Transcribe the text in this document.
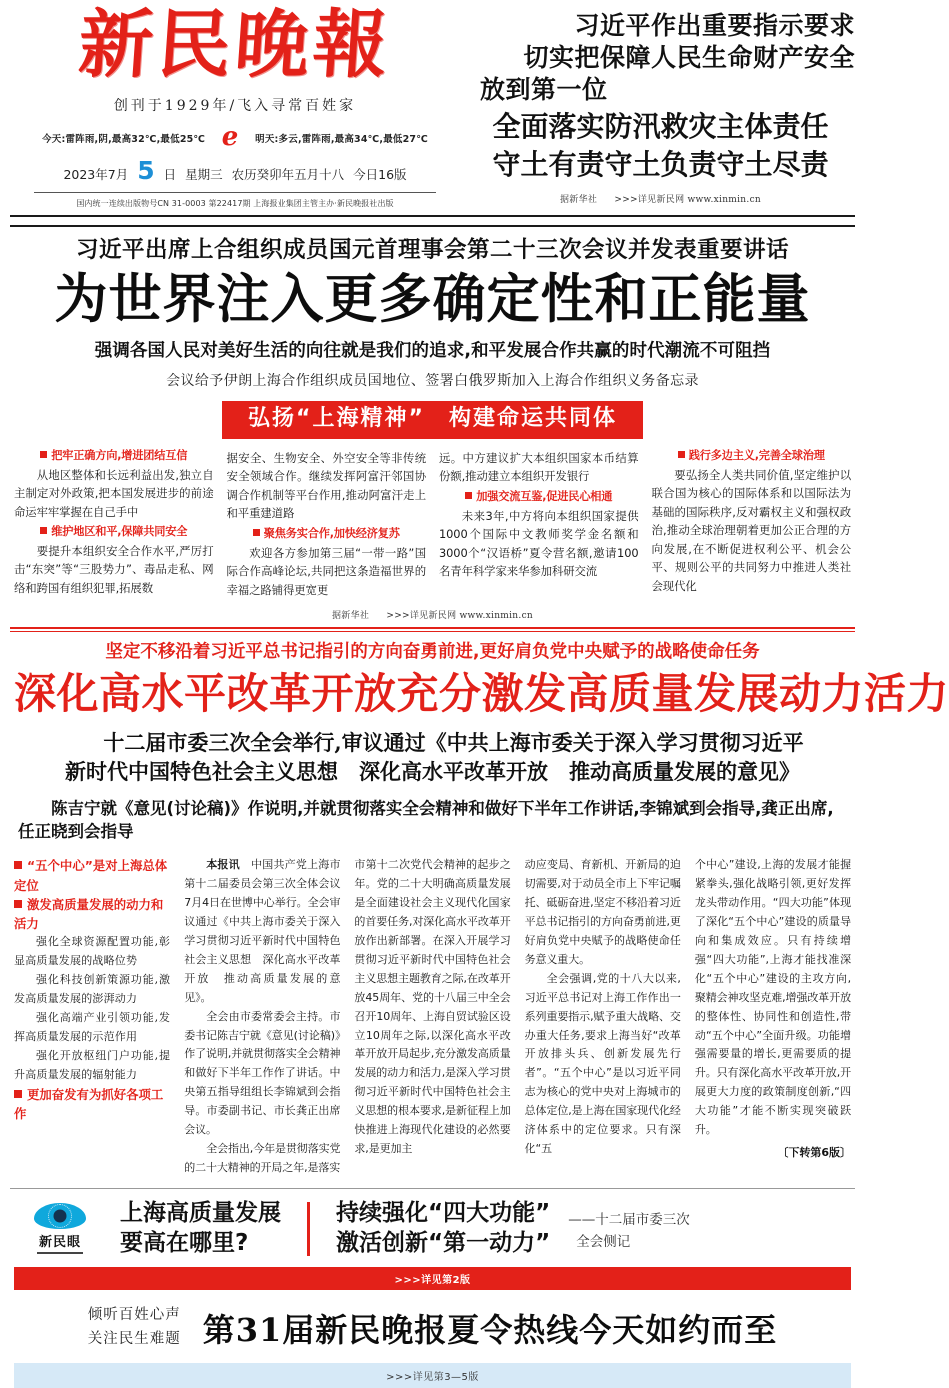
新民晚報
创刊于1929年/飞入寻常百姓家
今天:雷阵雨,阴,最高32℃,最低25℃ e	明天:多云,雷阵雨,最高34℃,最低27℃
2023年7月 5 日 星期三 农历癸卯年五月十八 今日16版
国内统一连续出版物号CN 31-0003 第22417期 上海报业集团主管主办·新民晚报社出版
习近平作出重要指示要求
切实把保障人民生命财产安全
放到第一位
全面落实防汛救灾主体责任
守土有责守土负责守土尽责
据新华社 >>>详见新民网 www.xinmin.cn
习近平出席上合组织成员国元首理事会第二十三次会议并发表重要讲话
为世界注入更多确定性和正能量
强调各国人民对美好生活的向往就是我们的追求,和平发展合作共赢的时代潮流不可阻挡
会议给予伊朗上海合作组织成员国地位、签署白俄罗斯加入上海合作组织义务备忘录
弘扬“上海精神”　构建命运共同体
把牢正确方向,增进团结互信
从地区整体和长远利益出发,独立自主制定对外政策,把本国发展进步的前途命运牢牢掌握在自己手中
维护地区和平,保障共同安全
要提升本组织安全合作水平,严厉打击“东突”等“三股势力”、毒品走私、网络和跨国有组织犯罪,拓展数
据安全、生物安全、外空安全等非传统安全领域合作。继续发挥阿富汗邻国协调合作机制等平台作用,推动阿富汗走上和平重建道路
聚焦务实合作,加快经济复苏
欢迎各方参加第三届“一带一路”国际合作高峰论坛,共同把这条造福世界的幸福之路铺得更宽更
远。中方建议扩大本组织国家本币结算份额,推动建立本组织开发银行
加强交流互鉴,促进民心相通
未来3年,中方将向本组织国家提供1000个国际中文教师奖学金名额和3000个“汉语桥”夏令营名额,邀请100名青年科学家来华参加科研交流
践行多边主义,完善全球治理
要弘扬全人类共同价值,坚定维护以联合国为核心的国际体系和以国际法为基础的国际秩序,反对霸权主义和强权政治,推动全球治理朝着更加公正合理的方向发展,在不断促进权利公平、机会公平、规则公平的共同努力中推进人类社会现代化
据新华社 >>>详见新民网 www.xinmin.cn
坚定不移沿着习近平总书记指引的方向奋勇前进,更好肩负党中央赋予的战略使命任务
深化高水平改革开放充分激发高质量发展动力活力
十二届市委三次全会举行,审议通过《中共上海市委关于深入学习贯彻习近平
新时代中国特色社会主义思想　深化高水平改革开放　推动高质量发展的意见》
陈吉宁就《意见(讨论稿)》作说明,并就贯彻落实全会精神和做好下半年工作讲话,李锦斌到会指导,龚正出席,任正晓到会指导
“五个中心”是对上海总体定位
激发高质量发展的动力和活力
强化全球资源配置功能,彰显高质量发展的战略位势
强化科技创新策源功能,激发高质量发展的澎湃动力
强化高端产业引领功能,发挥高质量发展的示范作用
强化开放枢纽门户功能,提升高质量发展的辐射能力
更加奋发有为抓好各项工作
本报讯　中国共产党上海市第十二届委员会第三次全体会议7月4日在世博中心举行。全会审议通过《中共上海市委关于深入学习贯彻习近平新时代中国特色社会主义思想　深化高水平改革开放　推动高质量发展的意见》。
全会由市委常委会主持。市委书记陈吉宁就《意见(讨论稿)》作了说明,并就贯彻落实全会精神和做好下半年工作作了讲话。中央第五指导组组长李锦斌到会指导。市委副书记、市长龚正出席会议。
全会指出,今年是贯彻落实党的二十大精神的开局之年,是落实
市第十二次党代会精神的起步之年。党的二十大明确高质量发展是全面建设社会主义现代化国家的首要任务,对深化高水平改革开放作出新部署。在深入开展学习贯彻习近平新时代中国特色社会主义思想主题教育之际,在改革开放45周年、党的十八届三中全会召开10周年、上海自贸试验区设立10周年之际,以深化高水平改革开放开局起步,充分激发高质量发展的动力和活力,是深入学习贯彻习近平新时代中国特色社会主义思想的根本要求,是新征程上加快推进上海现代化建设的必然要求,是更加主
动应变局、育新机、开新局的迫切需要,对于动员全市上下牢记嘱托、砥砺奋进,坚定不移沿着习近平总书记指引的方向奋勇前进,更好肩负党中央赋予的战略使命任务意义重大。
全会强调,党的十八大以来,习近平总书记对上海工作作出一系列重要指示,赋予重大战略、交办重大任务,要求上海当好“改革开放排头兵、创新发展先行者”。“五个中心”是以习近平同志为核心的党中央对上海城市的总体定位,是上海在国家现代化经济体系中的定位要求。只有深化“五
个中心”建设,上海的发展才能握紧拳头,强化战略引领,更好发挥龙头带动作用。“四大功能”体现了深化“五个中心”建设的质量导向和集成效应。只有持续增强“四大功能”,上海才能找准深化“五个中心”建设的主攻方向,聚精会神攻坚克难,增强改革开放的整体性、协同性和创造性,带动“五个中心”全面升级。功能增强需要量的增长,更需要质的提升。只有深化高水平改革开放,开展更大力度的政策制度创新,“四大功能”才能不断实现突破跃升。
〔下转第6版〕
新民眼
上海高质量发展
要高在哪里?
持续强化“四大功能”
激活创新“第一动力”
——十二届市委三次
全会侧记
>>>详见第2版
倾听百姓心声
关注民生难题 第31届新民晚报夏令热线今天如约而至
>>>详见第3—5版
